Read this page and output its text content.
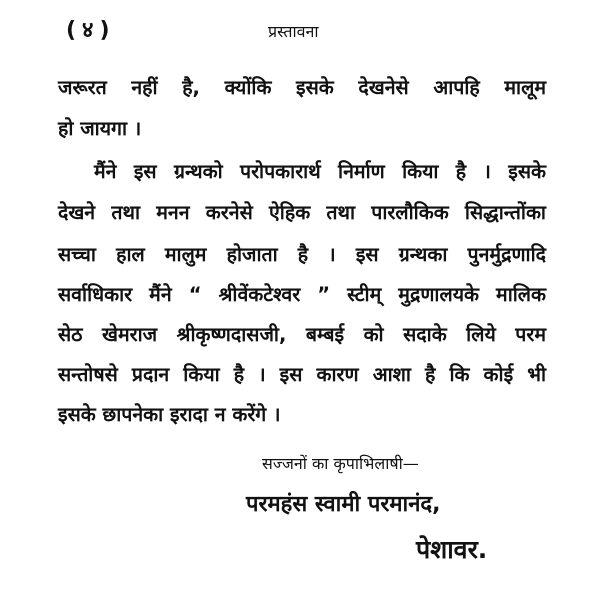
(४)	प्रस्तावना
जरूरत नहीं है, क्योंकि इसके देखनेसे आपहि मालूम
हो जायगा ।
मैंने इस ग्रन्थको परोपकारार्थ निर्माण किया है । इसके
देखने तथा मनन करनेसे ऐहिक तथा पारलौकिक सिद्धान्तोंका
सच्चा हाल मालुम होजाता है । इस ग्रन्थका पुनर्मुद्रणादि
सर्वाधिकार मैंने “ श्रीवेंकटेश्वर ” स्टीम् मुद्रणालयके मालिक
सेठ खेमराज श्रीकृष्णदासजी, बम्बई को सदाके लिये परम
सन्तोषसे प्रदान किया है । इस कारण आशा है कि कोई भी
इसके छापनेका इरादा न करेंगे ।
सज्जनों का कृपाभिलाषी—
परमहंस स्वामी परमानंद,
पेशावर.
